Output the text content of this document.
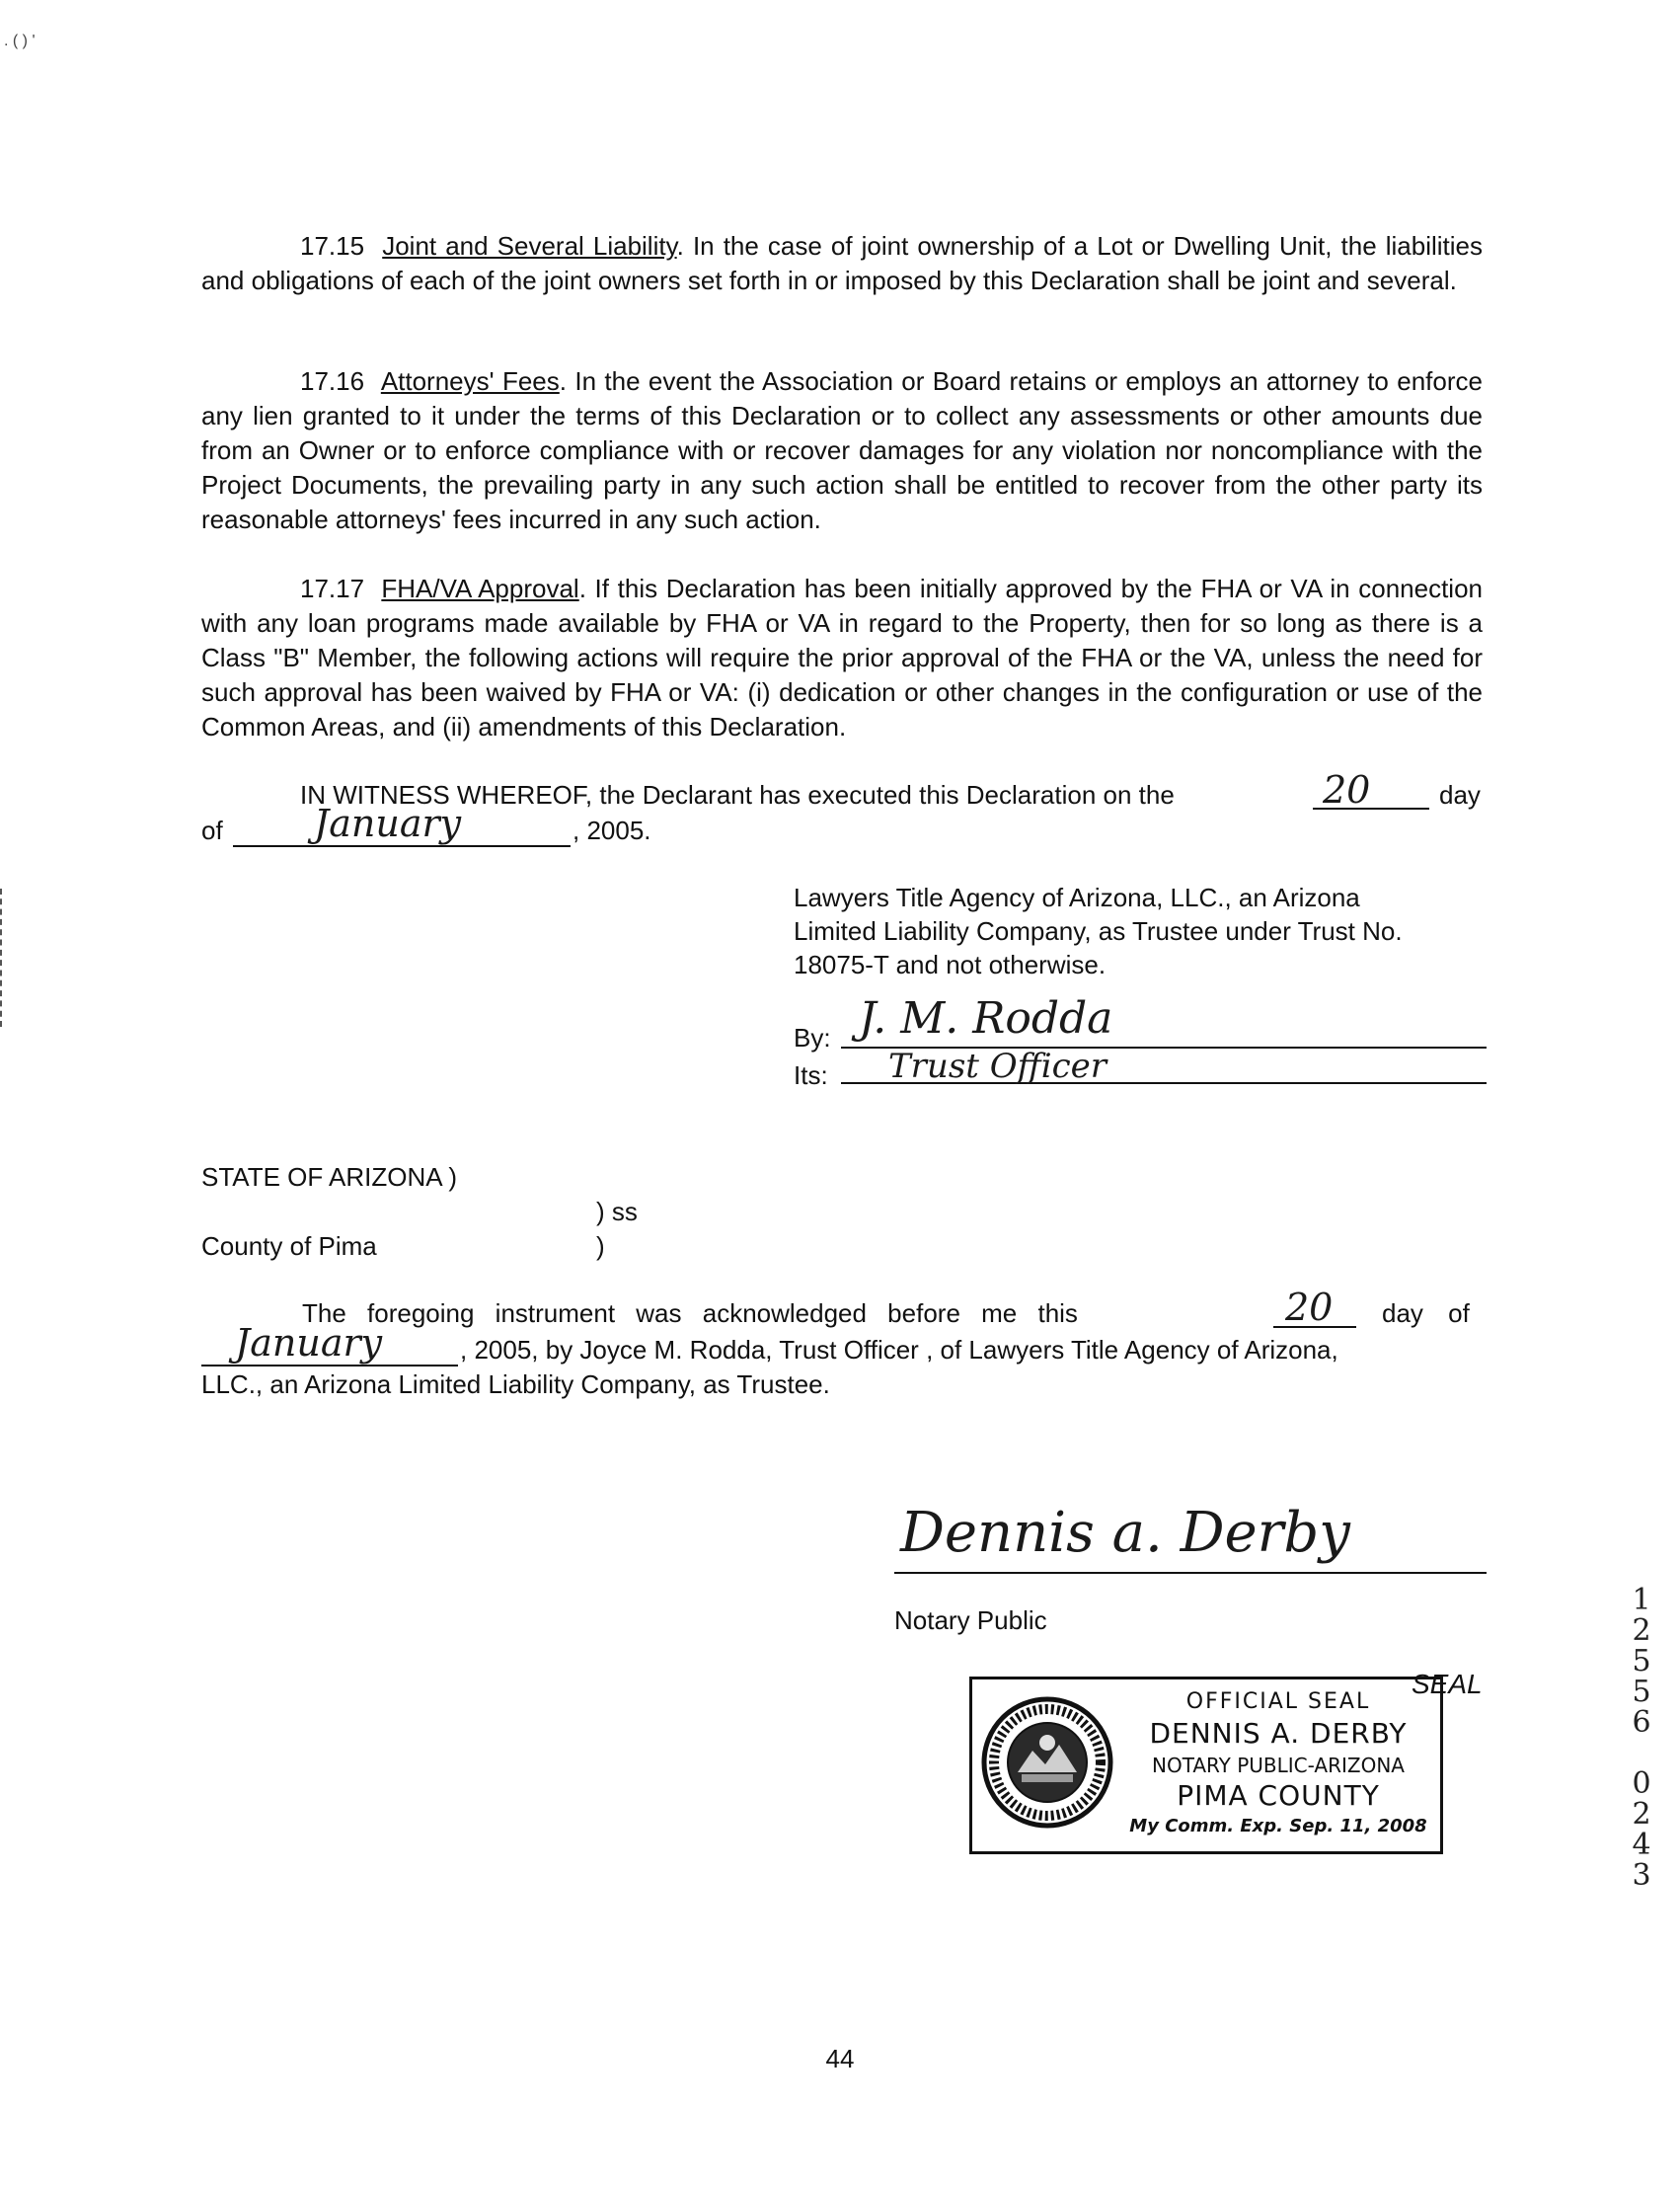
. ( ) '
17.15 Joint and Several Liability. In the case of joint ownership of a Lot or Dwelling Unit, the liabilities and obligations of each of the joint owners set forth in or imposed by this Declaration shall be joint and several.
17.16 Attorneys' Fees. In the event the Association or Board retains or employs an attorney to enforce any lien granted to it under the terms of this Declaration or to collect any assessments or other amounts due from an Owner or to enforce compliance with or recover damages for any violation nor noncompliance with the Project Documents, the prevailing party in any such action shall be entitled to recover from the other party its reasonable attorneys' fees incurred in any such action.
17.17 FHA/VA Approval. If this Declaration has been initially approved by the FHA or VA in connection with any loan programs made available by FHA or VA in regard to the Property, then for so long as there is a Class "B" Member, the following actions will require the prior approval of the FHA or the VA, unless the need for such approval has been waived by FHA or VA: (i) dedication or other changes in the configuration or use of the Common Areas, and (ii) amendments of this Declaration.
IN WITNESS WHEREOF, the Declarant has executed this Declaration on the	20	day
of January	, 2005.
Lawyers Title Agency of Arizona, LLC., an Arizona
Limited Liability Company, as Trustee under Trust No.
18075-T and not otherwise.
By: J. M. Rodda
Its: Trust Officer
STATE OF ARIZONA )
) ss
County of Pima	)
The foregoing instrument was acknowledged before me this	20 day of
January	, 2005, by Joyce M. Rodda, Trust Officer , of Lawyers Title Agency of Arizona,
LLC., an Arizona Limited Liability Company, as Trustee.
Dennis a. Derby
Notary Public
SEAL
OFFICIAL SEAL
DENNIS A. DERBY
NOTARY PUBLIC-ARIZONA
PIMA COUNTY
My Comm. Exp. Sep. 11, 2008
1
2
5
5
6

0
2
4
3
44
